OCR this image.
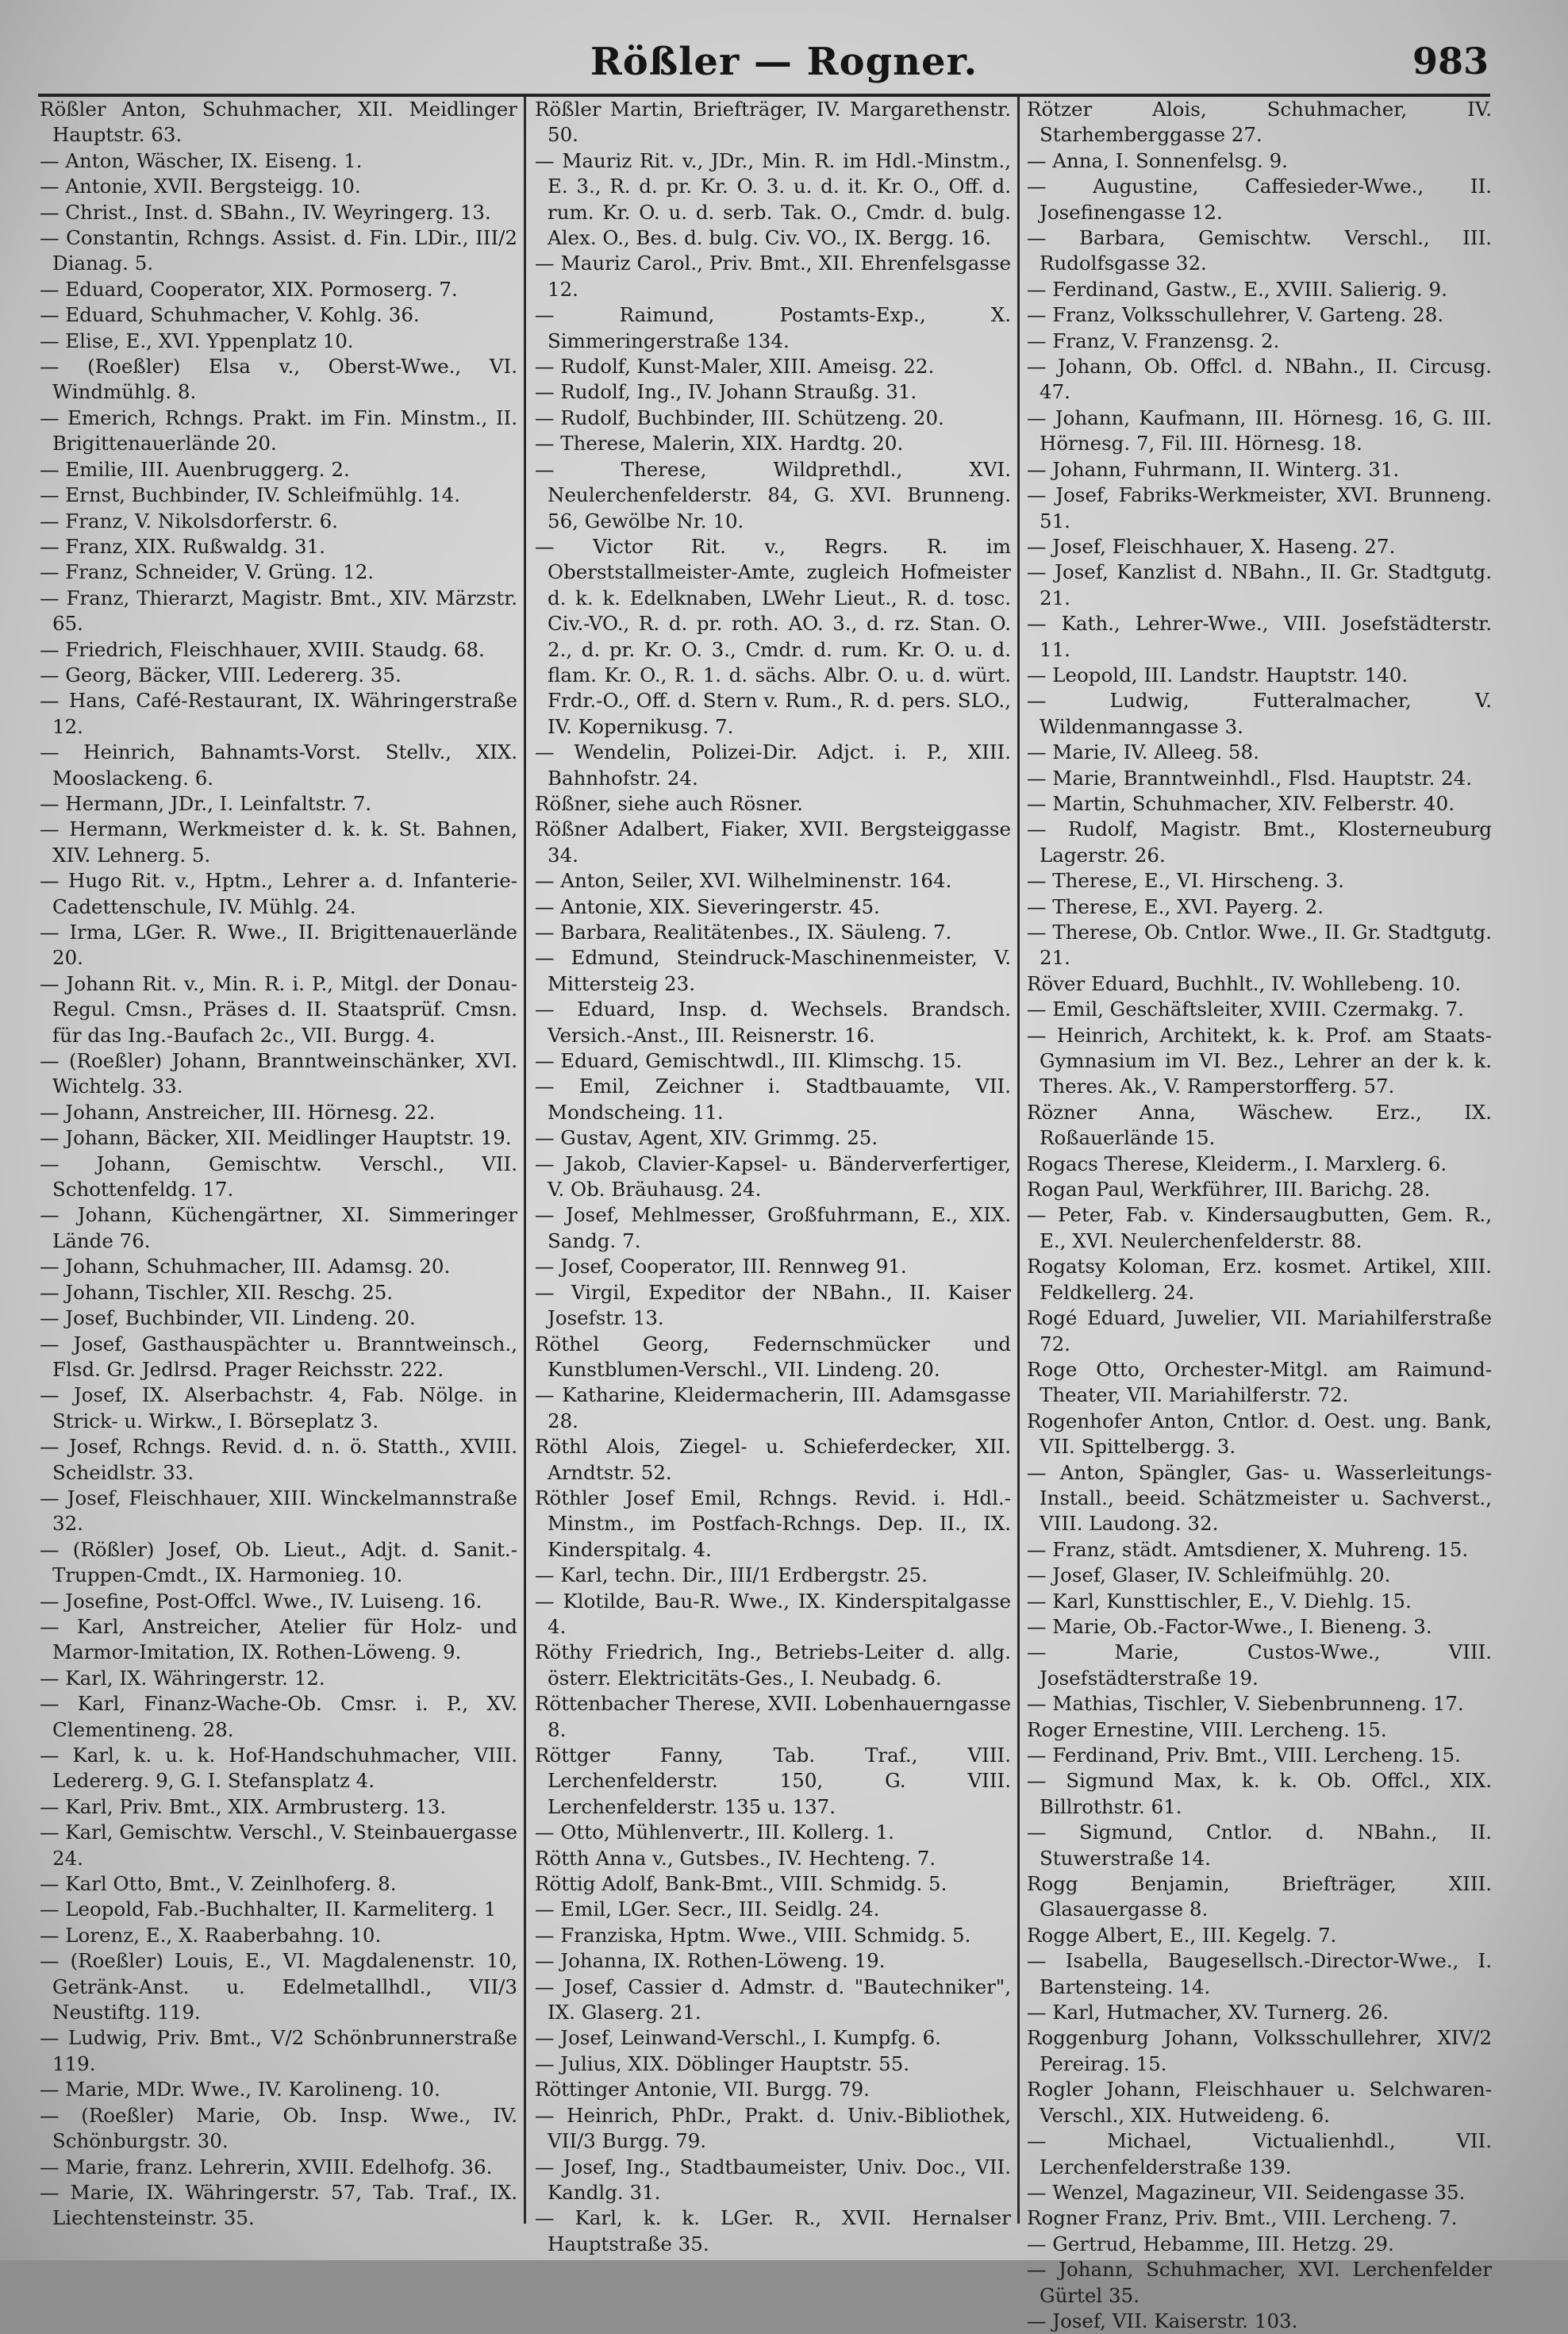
Rößler — Rogner.	983
Rößler Anton, Schuhmacher, XII. Meidlinger Hauptstr. 63.
— Anton, Wäscher, IX. Eiseng. 1.
— Antonie, XVII. Bergsteigg. 10.
— Christ., Inst. d. SBahn., IV. Weyringerg. 13.
— Constantin, Rchngs. Assist. d. Fin. LDir., III/2 Dianag. 5.
— Eduard, Cooperator, XIX. Pormoserg. 7.
— Eduard, Schuhmacher, V. Kohlg. 36.
— Elise, E., XVI. Yppenplatz 10.
— (Roeßler) Elsa v., Oberst-Wwe., VI. Windmühlg. 8.
— Emerich, Rchngs. Prakt. im Fin. Minstm., II. Brigittenauerlände 20.
— Emilie, III. Auenbruggerg. 2.
— Ernst, Buchbinder, IV. Schleifmühlg. 14.
— Franz, V. Nikolsdorferstr. 6.
— Franz, XIX. Rußwaldg. 31.
— Franz, Schneider, V. Grüng. 12.
— Franz, Thierarzt, Magistr. Bmt., XIV. Märzstr. 65.
— Friedrich, Fleischhauer, XVIII. Staudg. 68.
— Georg, Bäcker, VIII. Ledererg. 35.
— Hans, Café-Restaurant, IX. Währingerstraße 12.
— Heinrich, Bahnamts-Vorst. Stellv., XIX. Mooslackeng. 6.
— Hermann, JDr., I. Leinfaltstr. 7.
— Hermann, Werkmeister d. k. k. St. Bahnen, XIV. Lehnerg. 5.
— Hugo Rit. v., Hptm., Lehrer a. d. Infanterie-Cadettenschule, IV. Mühlg. 24.
— Irma, LGer. R. Wwe., II. Brigittenauerlände 20.
— Johann Rit. v., Min. R. i. P., Mitgl. der Donau-Regul. Cmsn., Präses d. II. Staatsprüf. Cmsn. für das Ing.-Baufach 2c., VII. Burgg. 4.
— (Roeßler) Johann, Branntweinschänker, XVI. Wichtelg. 33.
— Johann, Anstreicher, III. Hörnesg. 22.
— Johann, Bäcker, XII. Meidlinger Hauptstr. 19.
— Johann, Gemischtw. Verschl., VII. Schottenfeldg. 17.
— Johann, Küchengärtner, XI. Simmeringer Lände 76.
— Johann, Schuhmacher, III. Adamsg. 20.
— Johann, Tischler, XII. Reschg. 25.
— Josef, Buchbinder, VII. Lindeng. 20.
— Josef, Gasthauspächter u. Branntweinsch., Flsd. Gr. Jedlrsd. Prager Reichsstr. 222.
— Josef, IX. Alserbachstr. 4, Fab. Nölge. in Strick- u. Wirkw., I. Börseplatz 3.
— Josef, Rchngs. Revid. d. n. ö. Statth., XVIII. Scheidlstr. 33.
— Josef, Fleischhauer, XIII. Winckelmannstraße 32.
— (Rößler) Josef, Ob. Lieut., Adjt. d. Sanit.-Truppen-Cmdt., IX. Harmonieg. 10.
— Josefine, Post-Offcl. Wwe., IV. Luiseng. 16.
— Karl, Anstreicher, Atelier für Holz- und Marmor-Imitation, IX. Rothen-Löweng. 9.
— Karl, IX. Währingerstr. 12.
— Karl, Finanz-Wache-Ob. Cmsr. i. P., XV. Clementineng. 28.
— Karl, k. u. k. Hof-Handschuhmacher, VIII. Ledererg. 9, G. I. Stefansplatz 4.
— Karl, Priv. Bmt., XIX. Armbrusterg. 13.
— Karl, Gemischtw. Verschl., V. Steinbauergasse 24.
— Karl Otto, Bmt., V. Zeinlhoferg. 8.
— Leopold, Fab.-Buchhalter, II. Karmeliterg. 1
— Lorenz, E., X. Raaberbahng. 10.
— (Roeßler) Louis, E., VI. Magdalenenstr. 10, Getränk-Anst. u. Edelmetallhdl., VII/3 Neustiftg. 119.
— Ludwig, Priv. Bmt., V/2 Schönbrunnerstraße 119.
— Marie, MDr. Wwe., IV. Karolineng. 10.
— (Roeßler) Marie, Ob. Insp. Wwe., IV. Schönburgstr. 30.
— Marie, franz. Lehrerin, XVIII. Edelhofg. 36.
— Marie, IX. Währingerstr. 57, Tab. Traf., IX. Liechtensteinstr. 35.
Rößler Martin, Briefträger, IV. Margarethenstr. 50.
— Mauriz Rit. v., JDr., Min. R. im Hdl.-Minstm., E. 3., R. d. pr. Kr. O. 3. u. d. it. Kr. O., Off. d. rum. Kr. O. u. d. serb. Tak. O., Cmdr. d. bulg. Alex. O., Bes. d. bulg. Civ. VO., IX. Bergg. 16.
— Mauriz Carol., Priv. Bmt., XII. Ehrenfelsgasse 12.
— Raimund, Postamts-Exp., X. Simmeringerstraße 134.
— Rudolf, Kunst-Maler, XIII. Ameisg. 22.
— Rudolf, Ing., IV. Johann Straußg. 31.
— Rudolf, Buchbinder, III. Schützeng. 20.
— Therese, Malerin, XIX. Hardtg. 20.
— Therese, Wildprethdl., XVI. Neulerchenfelderstr. 84, G. XVI. Brunneng. 56, Gewölbe Nr. 10.
— Victor Rit. v., Regrs. R. im Oberststallmeister-Amte, zugleich Hofmeister d. k. k. Edelknaben, LWehr Lieut., R. d. tosc. Civ.-VO., R. d. pr. roth. AO. 3., d. rz. Stan. O. 2., d. pr. Kr. O. 3., Cmdr. d. rum. Kr. O. u. d. flam. Kr. O., R. 1. d. sächs. Albr. O. u. d. würt. Frdr.-O., Off. d. Stern v. Rum., R. d. pers. SLO., IV. Kopernikusg. 7.
— Wendelin, Polizei-Dir. Adjct. i. P., XIII. Bahnhofstr. 24.
Rößner, siehe auch Rösner.
Rößner Adalbert, Fiaker, XVII. Bergsteiggasse 34.
— Anton, Seiler, XVI. Wilhelminenstr. 164.
— Antonie, XIX. Sieveringerstr. 45.
— Barbara, Realitätenbes., IX. Säuleng. 7.
— Edmund, Steindruck-Maschinenmeister, V. Mittersteig 23.
— Eduard, Insp. d. Wechsels. Brandsch. Versich.-Anst., III. Reisnerstr. 16.
— Eduard, Gemischtwdl., III. Klimschg. 15.
— Emil, Zeichner i. Stadtbauamte, VII. Mondscheing. 11.
— Gustav, Agent, XIV. Grimmg. 25.
— Jakob, Clavier-Kapsel- u. Bänderverfertiger, V. Ob. Bräuhausg. 24.
— Josef, Mehlmesser, Großfuhrmann, E., XIX. Sandg. 7.
— Josef, Cooperator, III. Rennweg 91.
— Virgil, Expeditor der NBahn., II. Kaiser Josefstr. 13.
Röthel Georg, Federnschmücker und Kunstblumen-Verschl., VII. Lindeng. 20.
— Katharine, Kleidermacherin, III. Adamsgasse 28.
Röthl Alois, Ziegel- u. Schieferdecker, XII. Arndtstr. 52.
Röthler Josef Emil, Rchngs. Revid. i. Hdl.-Minstm., im Postfach-Rchngs. Dep. II., IX. Kinderspitalg. 4.
— Karl, techn. Dir., III/1 Erdbergstr. 25.
— Klotilde, Bau-R. Wwe., IX. Kinderspitalgasse 4.
Röthy Friedrich, Ing., Betriebs-Leiter d. allg. österr. Elektricitäts-Ges., I. Neubadg. 6.
Röttenbacher Therese, XVII. Lobenhauerngasse 8.
Röttger Fanny, Tab. Traf., VIII. Lerchenfelderstr. 150, G. VIII. Lerchenfelderstr. 135 u. 137.
— Otto, Mühlenvertr., III. Kollerg. 1.
Rötth Anna v., Gutsbes., IV. Hechteng. 7.
Röttig Adolf, Bank-Bmt., VIII. Schmidg. 5.
— Emil, LGer. Secr., III. Seidlg. 24.
— Franziska, Hptm. Wwe., VIII. Schmidg. 5.
— Johanna, IX. Rothen-Löweng. 19.
— Josef, Cassier d. Admstr. d. "Bautechniker", IX. Glaserg. 21.
— Josef, Leinwand-Verschl., I. Kumpfg. 6.
— Julius, XIX. Döblinger Hauptstr. 55.
Röttinger Antonie, VII. Burgg. 79.
— Heinrich, PhDr., Prakt. d. Univ.-Bibliothek, VII/3 Burgg. 79.
— Josef, Ing., Stadtbaumeister, Univ. Doc., VII. Kandlg. 31.
— Karl, k. k. LGer. R., XVII. Hernalser Hauptstraße 35.
Rötzer Alois, Schuhmacher, IV. Starhemberggasse 27.
— Anna, I. Sonnenfelsg. 9.
— Augustine, Caffesieder-Wwe., II. Josefinengasse 12.
— Barbara, Gemischtw. Verschl., III. Rudolfsgasse 32.
— Ferdinand, Gastw., E., XVIII. Salierig. 9.
— Franz, Volksschullehrer, V. Garteng. 28.
— Franz, V. Franzensg. 2.
— Johann, Ob. Offcl. d. NBahn., II. Circusg. 47.
— Johann, Kaufmann, III. Hörnesg. 16, G. III. Hörnesg. 7, Fil. III. Hörnesg. 18.
— Johann, Fuhrmann, II. Winterg. 31.
— Josef, Fabriks-Werkmeister, XVI. Brunneng. 51.
— Josef, Fleischhauer, X. Haseng. 27.
— Josef, Kanzlist d. NBahn., II. Gr. Stadtgutg. 21.
— Kath., Lehrer-Wwe., VIII. Josefstädterstr. 11.
— Leopold, III. Landstr. Hauptstr. 140.
— Ludwig, Futteralmacher, V. Wildenmanngasse 3.
— Marie, IV. Alleeg. 58.
— Marie, Branntweinhdl., Flsd. Hauptstr. 24.
— Martin, Schuhmacher, XIV. Felberstr. 40.
— Rudolf, Magistr. Bmt., Klosterneuburg Lagerstr. 26.
— Therese, E., VI. Hirscheng. 3.
— Therese, E., XVI. Payerg. 2.
— Therese, Ob. Cntlor. Wwe., II. Gr. Stadtgutg. 21.
Röver Eduard, Buchhlt., IV. Wohllebeng. 10.
— Emil, Geschäftsleiter, XVIII. Czermakg. 7.
— Heinrich, Architekt, k. k. Prof. am Staats-Gymnasium im VI. Bez., Lehrer an der k. k. Theres. Ak., V. Ramperstorfferg. 57.
Rözner Anna, Wäschew. Erz., IX. Roßauerlände 15.
Rogacs Therese, Kleiderm., I. Marxlerg. 6.
Rogan Paul, Werkführer, III. Barichg. 28.
— Peter, Fab. v. Kindersaugbutten, Gem. R., E., XVI. Neulerchenfelderstr. 88.
Rogatsy Koloman, Erz. kosmet. Artikel, XIII. Feldkellerg. 24.
Rogé Eduard, Juwelier, VII. Mariahilferstraße 72.
Roge Otto, Orchester-Mitgl. am Raimund-Theater, VII. Mariahilferstr. 72.
Rogenhofer Anton, Cntlor. d. Oest. ung. Bank, VII. Spittelbergg. 3.
— Anton, Spängler, Gas- u. Wasserleitungs-Install., beeid. Schätzmeister u. Sachverst., VIII. Laudong. 32.
— Franz, städt. Amtsdiener, X. Muhreng. 15.
— Josef, Glaser, IV. Schleifmühlg. 20.
— Karl, Kunsttischler, E., V. Diehlg. 15.
— Marie, Ob.-Factor-Wwe., I. Bieneng. 3.
— Marie, Custos-Wwe., VIII. Josefstädterstraße 19.
— Mathias, Tischler, V. Siebenbrunneng. 17.
Roger Ernestine, VIII. Lercheng. 15.
— Ferdinand, Priv. Bmt., VIII. Lercheng. 15.
— Sigmund Max, k. k. Ob. Offcl., XIX. Billrothstr. 61.
— Sigmund, Cntlor. d. NBahn., II. Stuwerstraße 14.
Rogg Benjamin, Briefträger, XIII. Glasauergasse 8.
Rogge Albert, E., III. Kegelg. 7.
— Isabella, Baugesellsch.-Director-Wwe., I. Bartensteing. 14.
— Karl, Hutmacher, XV. Turnerg. 26.
Roggenburg Johann, Volksschullehrer, XIV/2 Pereirag. 15.
Rogler Johann, Fleischhauer u. Selchwaren-Verschl., XIX. Hutweideng. 6.
— Michael, Victualienhdl., VII. Lerchenfelderstraße 139.
— Wenzel, Magazineur, VII. Seidengasse 35.
Rogner Franz, Priv. Bmt., VIII. Lercheng. 7.
— Gertrud, Hebamme, III. Hetzg. 29.
— Johann, Schuhmacher, XVI. Lerchenfelder Gürtel 35.
— Josef, VII. Kaiserstr. 103.
